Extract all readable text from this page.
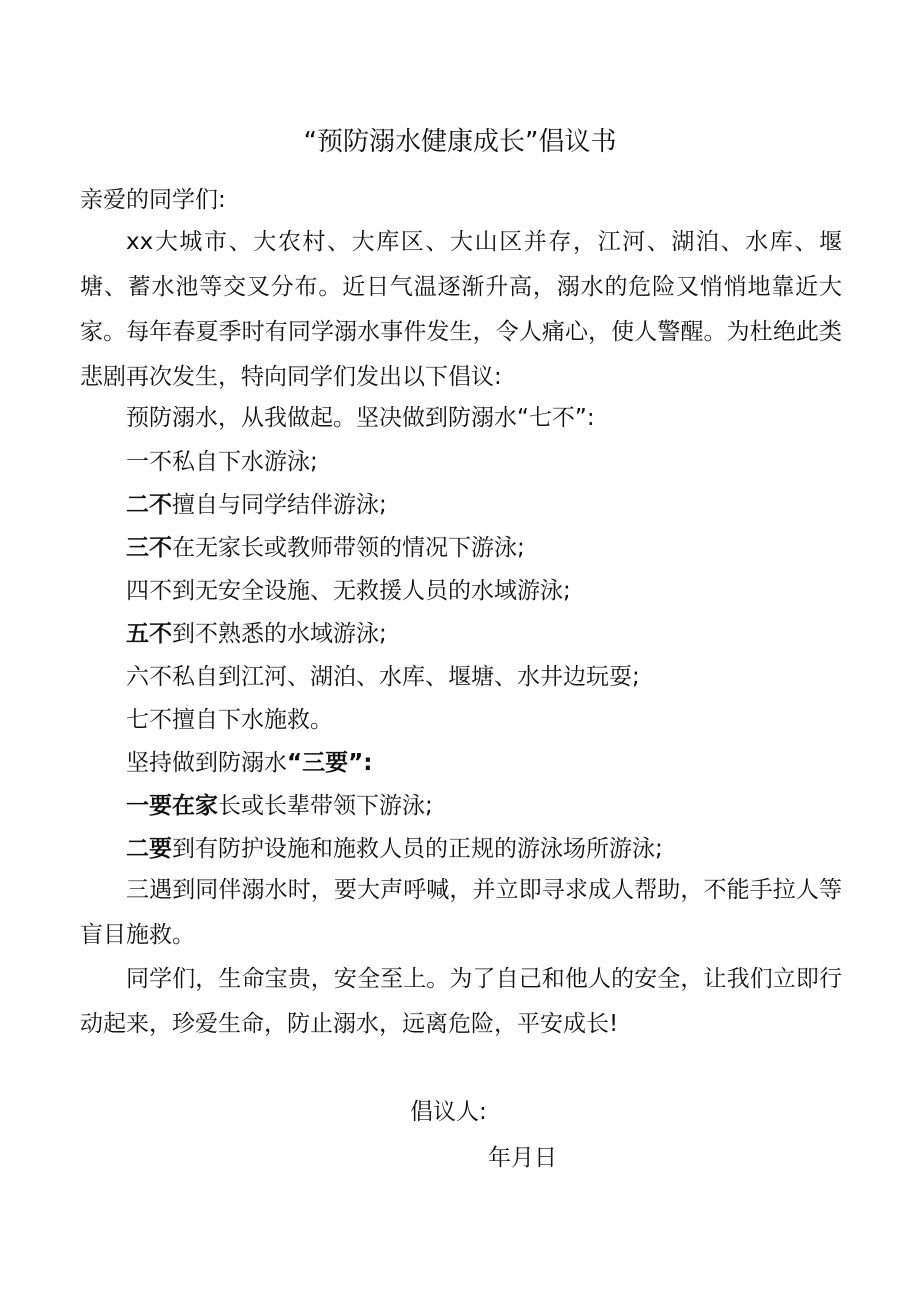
“预防溺水健康成长”倡议书
亲爱的同学们:
xx大城市、大农村、大库区、大山区并存，江河、湖泊、水库、堰塘、蓄水池等交叉分布。近日气温逐渐升高，溺水的危险又悄悄地靠近大家。每年春夏季时有同学溺水事件发生，令人痛心，使人警醒。为杜绝此类悲剧再次发生，特向同学们发出以下倡议:
预防溺水，从我做起。坚决做到防溺水“七不”:
一不私自下水游泳;
二不擅自与同学结伴游泳;
三不在无家长或教师带领的情况下游泳;
四不到无安全设施、无救援人员的水域游泳;
五不到不熟悉的水域游泳;
六不私自到江河、湖泊、水库、堰塘、水井边玩耍;
七不擅自下水施救。
坚持做到防溺水“三要”:
一要在家长或长辈带领下游泳;
二要到有防护设施和施救人员的正规的游泳场所游泳;
三遇到同伴溺水时，要大声呼喊，并立即寻求成人帮助，不能手拉人等盲目施救。
同学们，生命宝贵，安全至上。为了自己和他人的安全，让我们立即行动起来，珍爱生命，防止溺水，远离危险，平安成长!
倡议人:
年月日
